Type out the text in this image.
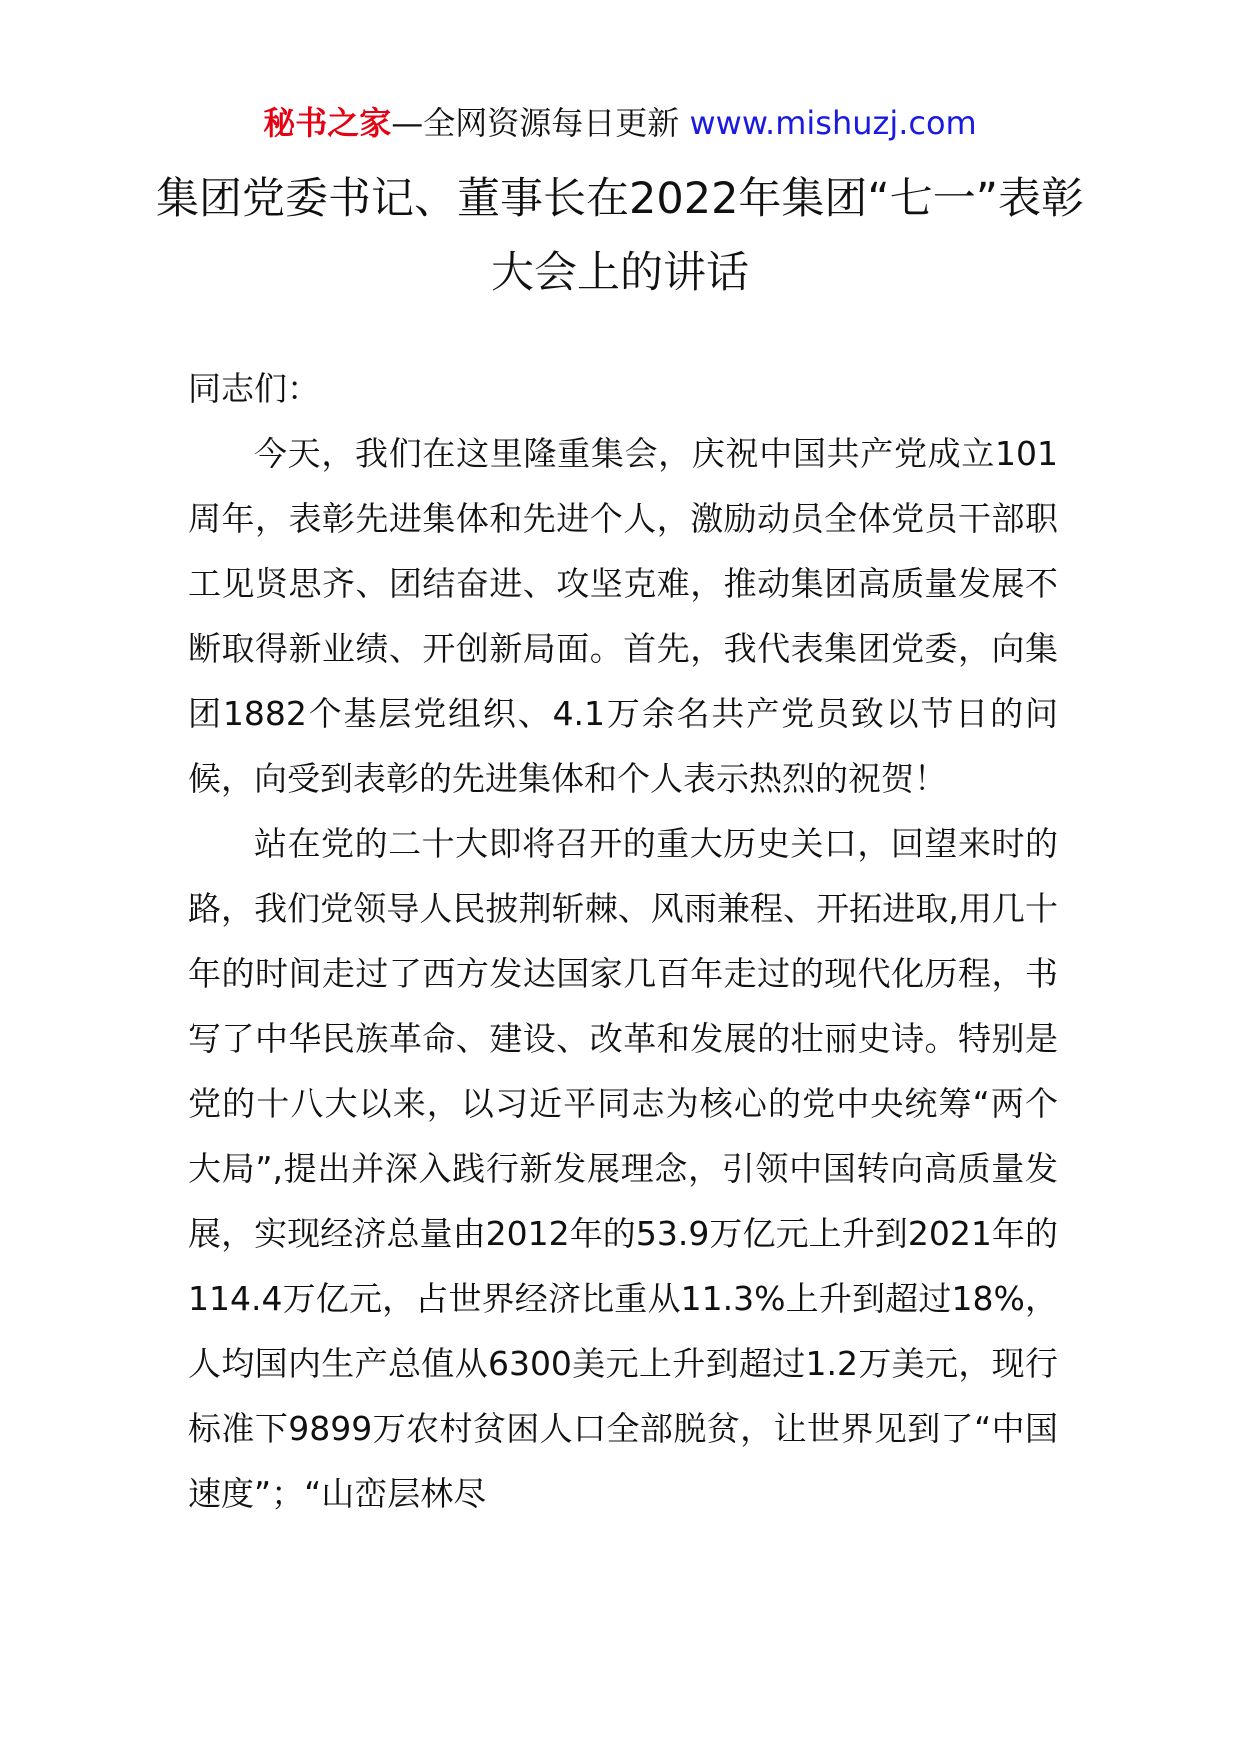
秘书之家—全网资源每日更新 www.mishuzj.com
集团党委书记、董事长在2022年集团“七一”表彰大会上的讲话

同志们：

今天，我们在这里隆重集会，庆祝中国共产党成立101周年，表彰先进集体和先进个人，激励动员全体党员干部职工见贤思齐、团结奋进、攻坚克难，推动集团高质量发展不断取得新业绩、开创新局面。首先，我代表集团党委，向集团1882个基层党组织、4.1万余名共产党员致以节日的问候，向受到表彰的先进集体和个人表示热烈的祝贺！

站在党的二十大即将召开的重大历史关口，回望来时的路，我们党领导人民披荆斩棘、风雨兼程、开拓进取,用几十年的时间走过了西方发达国家几百年走过的现代化历程，书写了中华民族革命、建设、改革和发展的壮丽史诗。特别是党的十八大以来，以习近平同志为核心的党中央统筹“两个大局”,提出并深入践行新发展理念，引领中国转向高质量发展，实现经济总量由2012年的53.9万亿元上升到2021年的114.4万亿元，占世界经济比重从11.3%上升到超过18%，人均国内生产总值从6300美元上升到超过1.2万美元，现行标准下9899万农村贫困人口全部脱贫，让世界见到了“中国速度”；“山峦层林尽
